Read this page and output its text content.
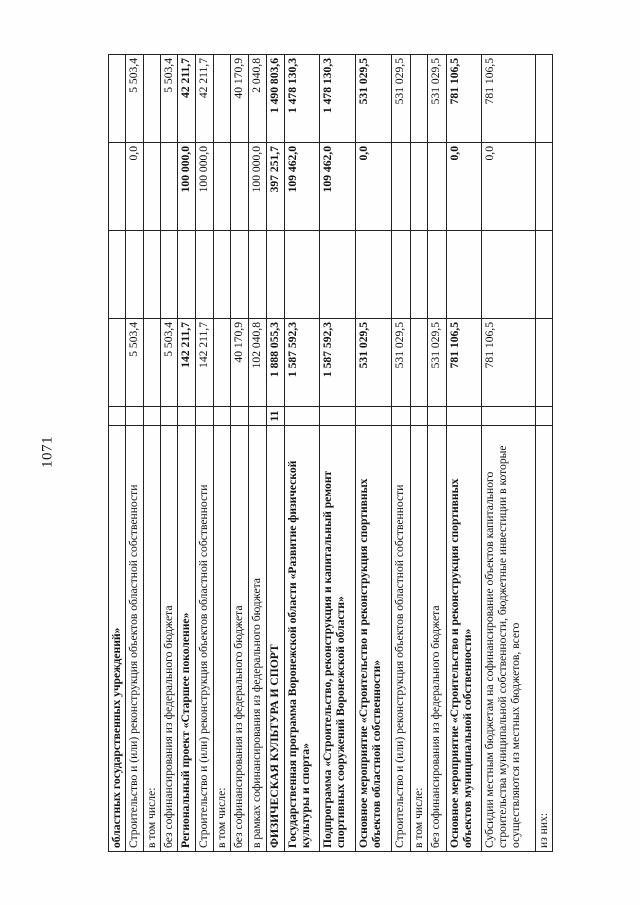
1071
областных государственных учреждений»					
Строительство и (или) реконструкция объектов областной собственности		5 503,4		0,0	5 503,4
в том числе:					
без софинансирования из федерального бюджета		5 503,4			5 503,4
Региональный проект «Старшее поколение»		142 211,7		100 000,0	42 211,7
Строительство и (или) реконструкция объектов областной собственности		142 211,7		100 000,0	42 211,7
в том числе:					
без софинансирования из федерального бюджета		40 170,9			40 170,9
в рамках софинансирования из федерального бюджета		102 040,8		100 000,0	2 040,8
ФИЗИЧЕСКАЯ КУЛЬТУРА И СПОРТ	11	1 888 055,3		397 251,7	1 490 803,6
Государственная программа Воронежской области «Развитие физической культуры и спорта»		1 587 592,3		109 462,0	1 478 130,3
Подпрограмма «Строительство, реконструкция и капитальный ремонт спортивных сооружений Воронежской области»		1 587 592,3		109 462,0	1 478 130,3
Основное мероприятие «Строительство и реконструкция спортивных объектов областной собственности»		531 029,5		0,0	531 029,5
Строительство и (или) реконструкция объектов областной собственности		531 029,5			531 029,5
в том числе:					
без софинансирования из федерального бюджета		531 029,5			531 029,5
Основное мероприятие «Строительство и реконструкция спортивных объектов муниципальной собственности»		781 106,5		0,0	781 106,5
Субсидии местным бюджетам на софинансирование объектов капитального строительства муниципальной собственности, бюджетные инвестиции в которые осуществляются из местных бюджетов, всего		781 106,5		0,0	781 106,5
из них:					
